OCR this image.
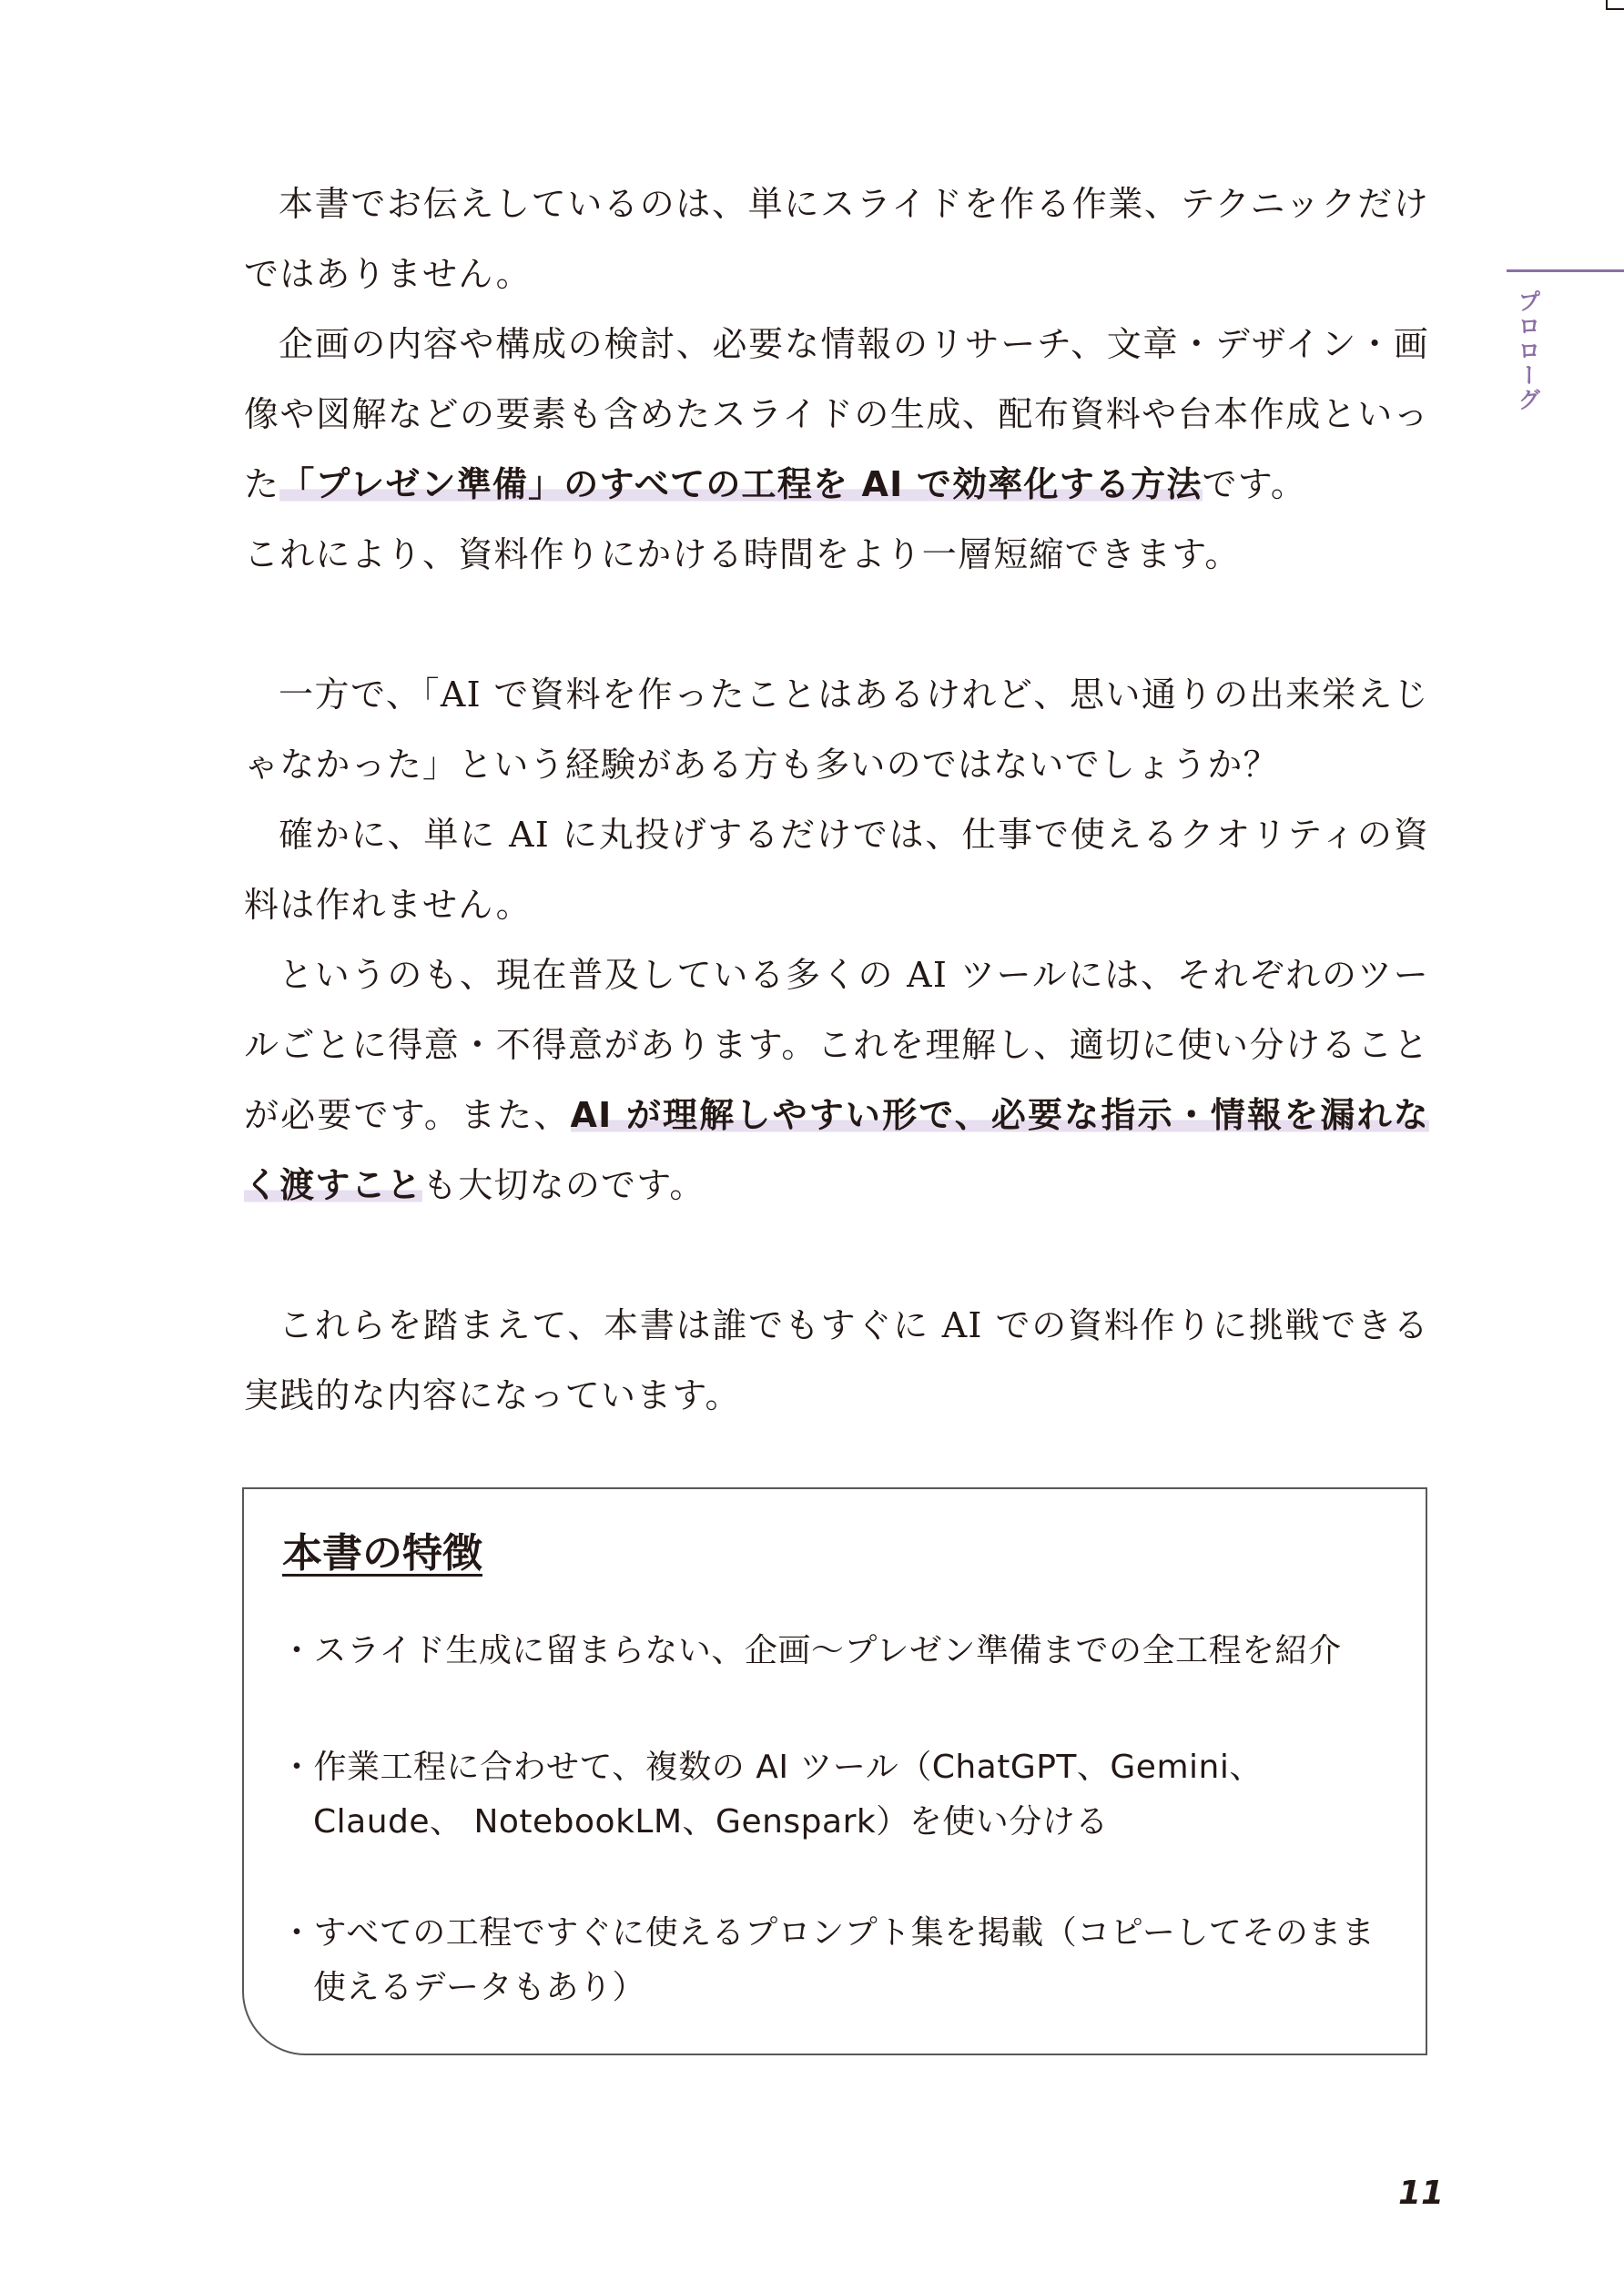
プロローグ

本書でお伝えしているのは、単にスライドを作る作業、テクニックだけではありません。

企画の内容や構成の検討、必要な情報のリサーチ、文章・デザイン・画像や図解などの要素も含めたスライドの生成、配布資料や台本作成といった「プレゼン準備」のすべての工程を AI で効率化する方法です。

これにより、資料作りにかける時間をより一層短縮できます。

一方で、「AI で資料を作ったことはあるけれど、思い通りの出来栄えじゃなかった」という経験がある方も多いのではないでしょうか？

確かに、単に AI に丸投げするだけでは、仕事で使えるクオリティの資料は作れません。

というのも、現在普及している多くの AI ツールには、それぞれのツールごとに得意・不得意があります。これを理解し、適切に使い分けることが必要です。また、AI が理解しやすい形で、必要な指示・情報を漏れなく渡すことも大切なのです。

これらを踏まえて、本書は誰でもすぐに AI での資料作りに挑戦できる実践的な内容になっています。

本書の特徴
・スライド生成に留まらない、企画〜プレゼン準備までの全工程を紹介
・作業工程に合わせて、複数の AI ツール（ChatGPT、Gemini、Claude、 NotebookLM、Genspark）を使い分ける
・すべての工程ですぐに使えるプロンプト集を掲載（コピーしてそのまま使えるデータもあり）
11
